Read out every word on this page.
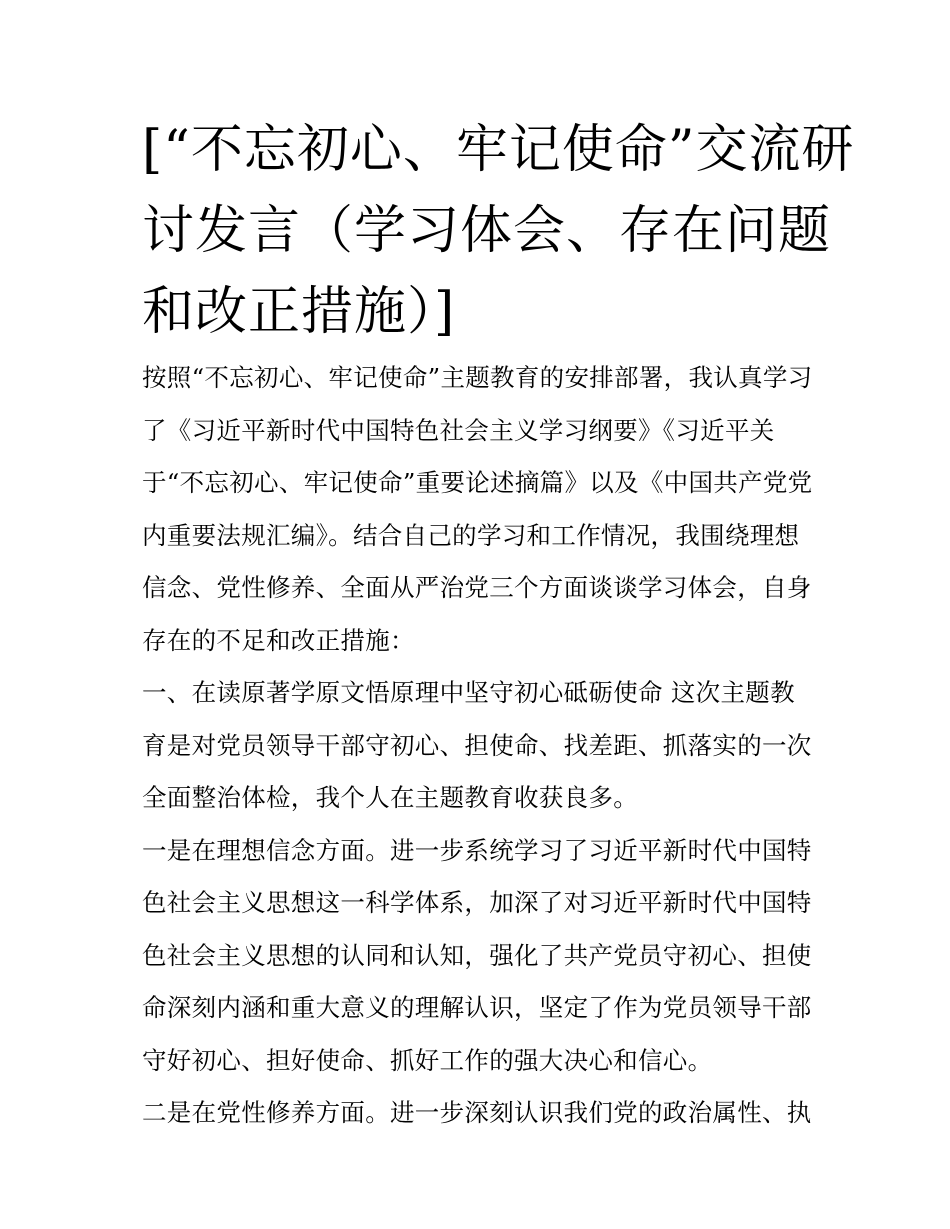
[“不忘初心、牢记使命”交流研
讨发言（学习体会、存在问题
和改正措施）]
按照“不忘初心、牢记使命”主题教育的安排部署，我认真学习
了《习近平新时代中国特色社会主义学习纲要》《习近平关
于“不忘初心、牢记使命”重要论述摘篇》以及《中国共产党党
内重要法规汇编》。结合自己的学习和工作情况，我围绕理想
信念、党性修养、全面从严治党三个方面谈谈学习体会，自身
存在的不足和改正措施：
一、在读原著学原文悟原理中坚守初心砥砺使命 这次主题教
育是对党员领导干部守初心、担使命、找差距、抓落实的一次
全面整治体检，我个人在主题教育收获良多。
一是在理想信念方面。进一步系统学习了习近平新时代中国特
色社会主义思想这一科学体系，加深了对习近平新时代中国特
色社会主义思想的认同和认知，强化了共产党员守初心、担使
命深刻内涵和重大意义的理解认识，坚定了作为党员领导干部
守好初心、担好使命、抓好工作的强大决心和信心。
二是在党性修养方面。进一步深刻认识我们党的政治属性、执
